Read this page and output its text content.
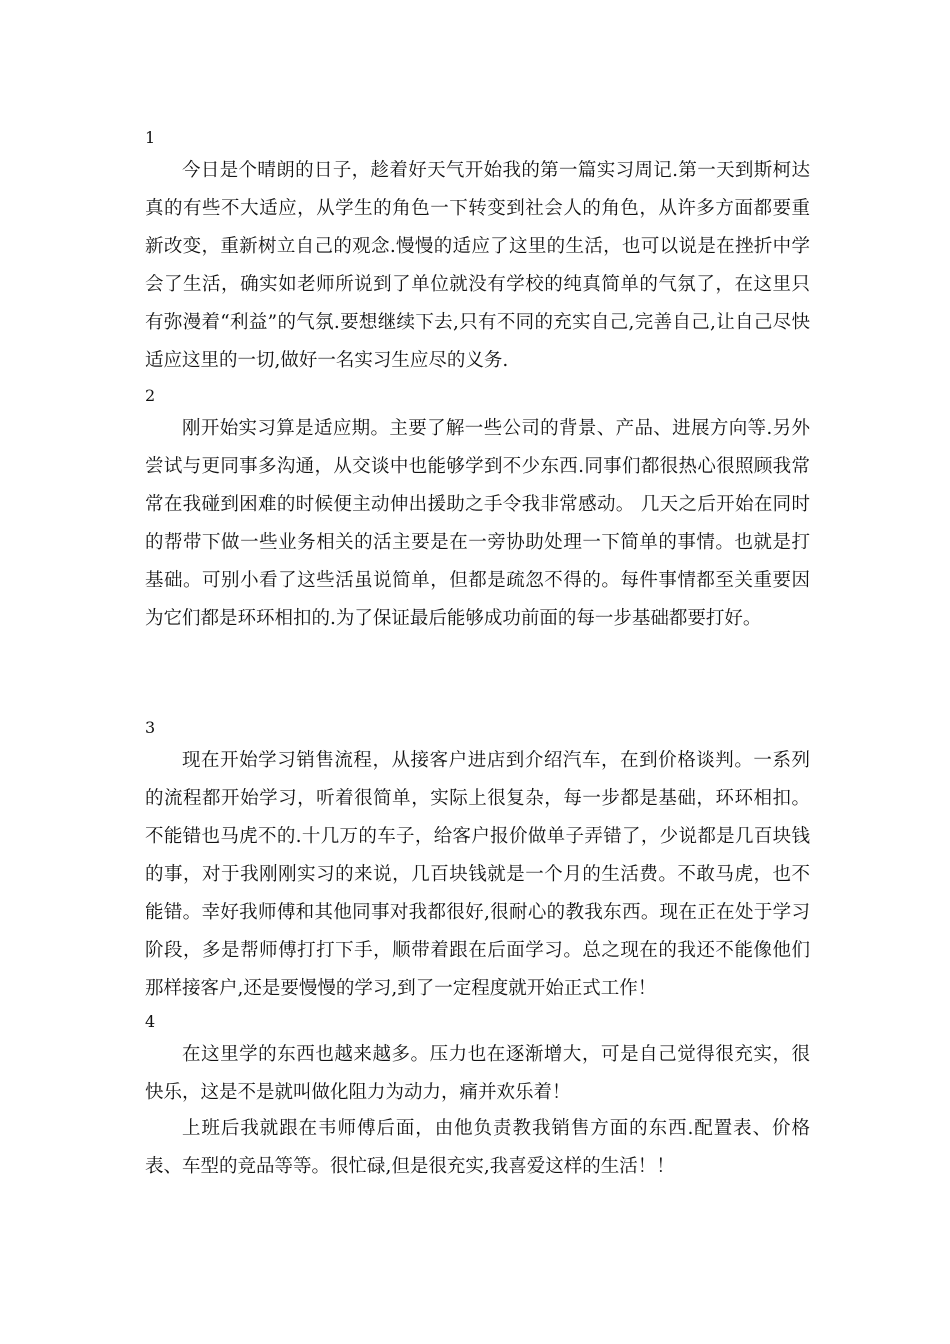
1
今日是个晴朗的日子，趁着好天气开始我的第一篇实习周记.第一天到斯柯达真的有些不大适应，从学生的角色一下转变到社会人的角色，从许多方面都要重新改变，重新树立自己的观念.慢慢的适应了这里的生活，也可以说是在挫折中学会了生活，确实如老师所说到了单位就没有学校的纯真简单的气氛了，在这里只有弥漫着“利益”的气氛.要想继续下去,只有不同的充实自己,完善自己,让自己尽快适应这里的一切,做好一名实习生应尽的义务.
2
刚开始实习算是适应期。主要了解一些公司的背景、产品、进展方向等.另外尝试与更同事多沟通，从交谈中也能够学到不少东西.同事们都很热心很照顾我常常在我碰到困难的时候便主动伸出援助之手令我非常感动。 几天之后开始在同时的帮带下做一些业务相关的活主要是在一旁协助处理一下简单的事情。也就是打基础。可别小看了这些活虽说简单，但都是疏忽不得的。每件事情都至关重要因为它们都是环环相扣的.为了保证最后能够成功前面的每一步基础都要打好。
3
现在开始学习销售流程，从接客户进店到介绍汽车，在到价格谈判。一系列的流程都开始学习，听着很简单，实际上很复杂，每一步都是基础，环环相扣。不能错也马虎不的.十几万的车子，给客户报价做单子弄错了，少说都是几百块钱的事，对于我刚刚实习的来说，几百块钱就是一个月的生活费。不敢马虎，也不能错。幸好我师傅和其他同事对我都很好,很耐心的教我东西。现在正在处于学习阶段，多是帮师傅打打下手，顺带着跟在后面学习。总之现在的我还不能像他们那样接客户,还是要慢慢的学习,到了一定程度就开始正式工作！
4
在这里学的东西也越来越多。压力也在逐渐增大，可是自己觉得很充实，很快乐，这是不是就叫做化阻力为动力，痛并欢乐着！
上班后我就跟在韦师傅后面，由他负责教我销售方面的东西.配置表、价格表、车型的竞品等等。很忙碌,但是很充实,我喜爱这样的生活！！
